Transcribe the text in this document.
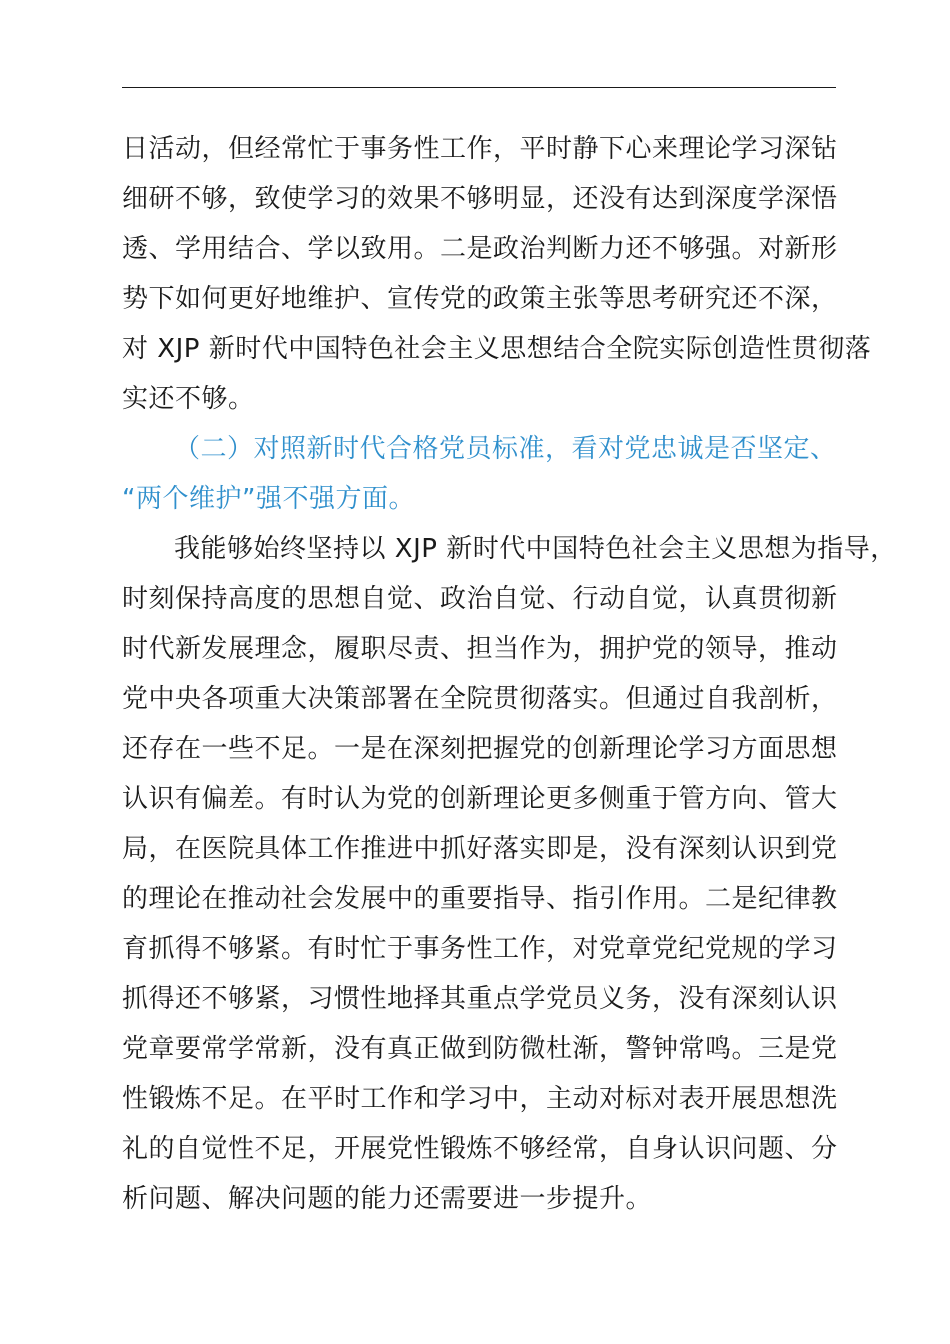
日活动，但经常忙于事务性工作，平时静下心来理论学习深钻
细研不够，致使学习的效果不够明显，还没有达到深度学深悟
透、学用结合、学以致用。二是政治判断力还不够强。对新形
势下如何更好地维护、宣传党的政策主张等思考研究还不深，
对 XJP 新时代中国特色社会主义思想结合全院实际创造性贯彻落
实还不够。
（二）对照新时代合格党员标准，看对党忠诚是否坚定、
“两个维护”强不强方面。
我能够始终坚持以 XJP 新时代中国特色社会主义思想为指导，
时刻保持高度的思想自觉、政治自觉、行动自觉，认真贯彻新
时代新发展理念，履职尽责、担当作为，拥护党的领导，推动
党中央各项重大决策部署在全院贯彻落实。但通过自我剖析，
还存在一些不足。一是在深刻把握党的创新理论学习方面思想
认识有偏差。有时认为党的创新理论更多侧重于管方向、管大
局，在医院具体工作推进中抓好落实即是，没有深刻认识到党
的理论在推动社会发展中的重要指导、指引作用。二是纪律教
育抓得不够紧。有时忙于事务性工作，对党章党纪党规的学习
抓得还不够紧，习惯性地择其重点学党员义务，没有深刻认识
党章要常学常新，没有真正做到防微杜渐，警钟常鸣。三是党
性锻炼不足。在平时工作和学习中，主动对标对表开展思想洗
礼的自觉性不足，开展党性锻炼不够经常，自身认识问题、分
析问题、解决问题的能力还需要进一步提升。
